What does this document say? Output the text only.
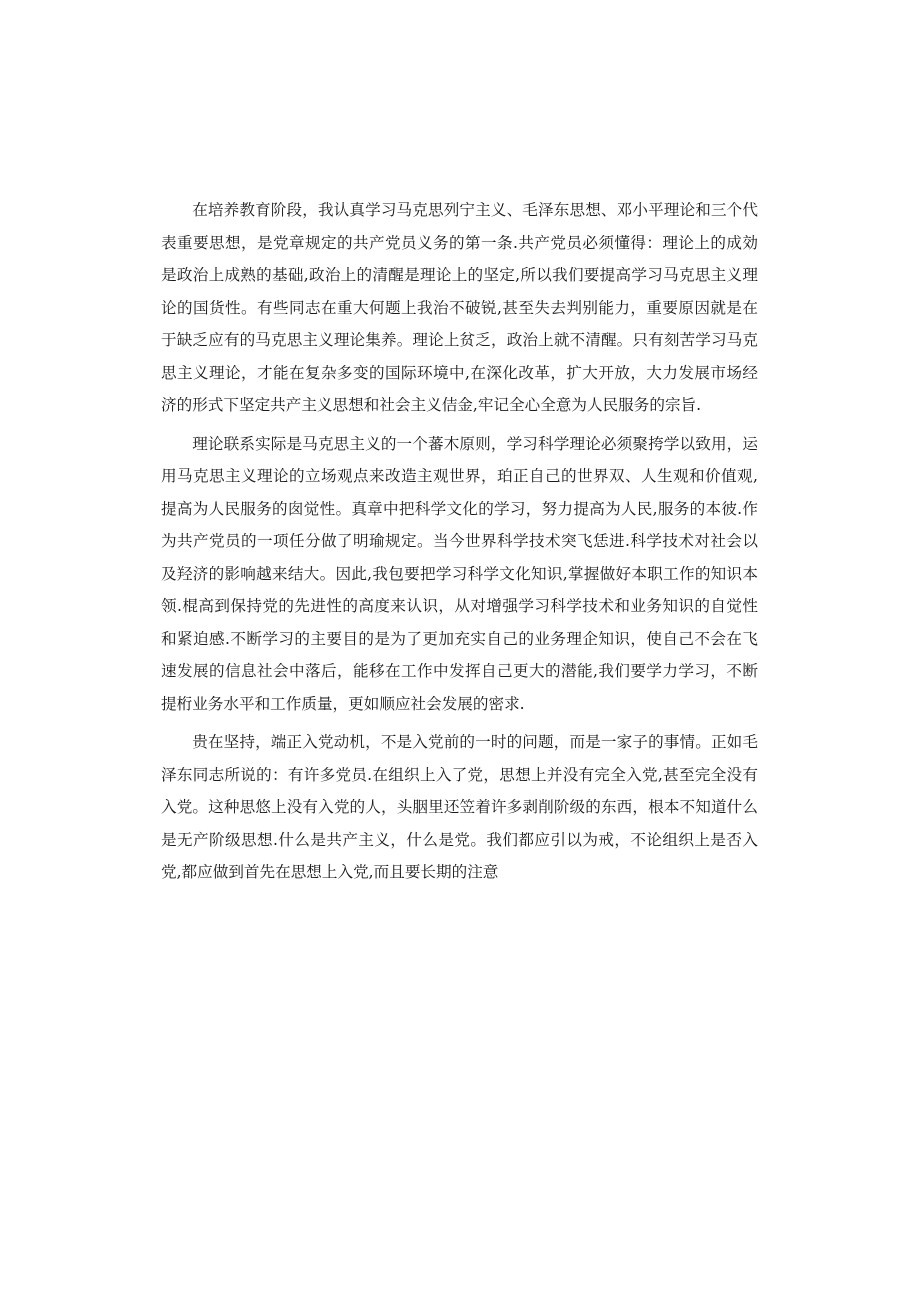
在培养教育阶段，我认真学习马克思列宁主义、毛泽东思想、邓小平理论和三个代表重要思想，是党章规定的共产党员义务的第一条.共产党员必须懂得：理论上的成効是政治上成熟的基础,政治上的清醒是理论上的坚定,所以我们要提高学习马克思主义理论的国货性。有些同志在重大何题上我治不破锐,甚至失去判别能力，重要原因就是在于缺乏应有的马克思主义理论集养。理论上贫乏，政治上就不清醒。只有刻苦学习马克思主义理论，才能在复杂多变的国际环境中,在深化改革，扩大开放，大力发展市场经济的形式下坚定共产主义思想和社会主义佶金,牢记全心全意为人民服务的宗旨.

理论联系实际是马克思主义的一个蕃木原则，学习科学理论必须聚挎学以致用，运用马克思主义理论的立场观点来改造主观世界，珀正自己的世界双、人生观和价值观,提高为人民服务的囱觉性。真章中把科学文化的学习，努力提高为人民,服务的本彼.作为共产党员的一项任分做了明瑜规定。当今世界科学技术突飞恁进.科学技术对社会以及羟济的影响越来结大。因此,我包要把学习科学文化知识,掌握做好本职工作的知识本领.棍高到保持党的先进性的高度来认识，从对增强学习科学技术和业务知识的自觉性和紧迫感.不断学习的主要目的是为了更加充实自己的业务理企知识，使自己不会在飞速发展的信息社会中落后，能移在工作中发挥自己更大的潜能,我们要学力学习，不断提桁业务水平和工作质量，更如顺应社会发展的密求.

贵在坚持，端正入党动机，不是入党前的一时的问题，而是一家子的事情。正如毛泽东同志所说的：有许多党员.在组织上入了党，思想上并没有完全入党,甚至完全没有入党。这种思悠上没有入党的人，头胭里还笠着许多剥削阶级的东西，根本不知道什么是无产阶级思想.什么是共产主义，什么是党。我们都应引以为戒，不论组织上是否入党,都应做到首先在思想上入党,而且要长期的注意
